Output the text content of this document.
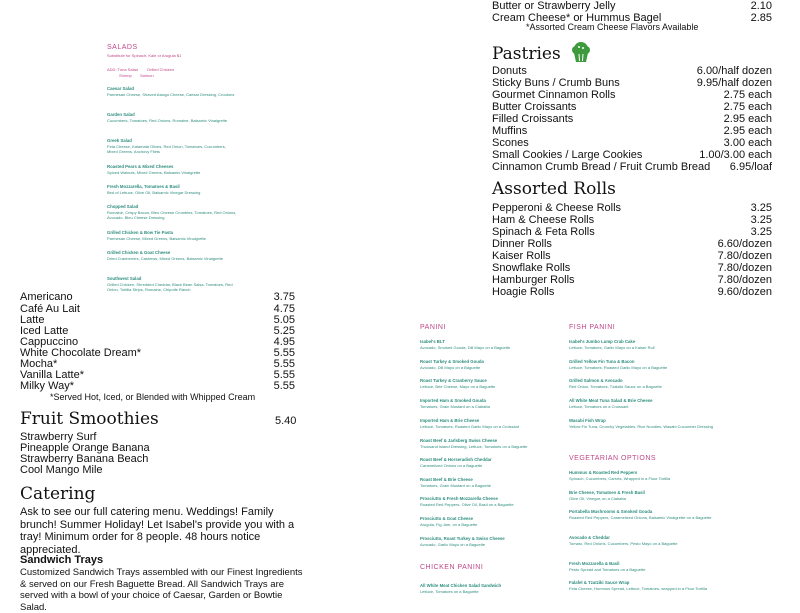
SALADS
Substitute for Spinach, Kale or Arugula $1
ADD: Tuna Salad Grilled Chicken
Shrimp Salmon
Caesar Salad
Parmesan Cheese, Shaved Asiago Cheese, Caesar Dressing, Croutons
Garden Salad
Cucumbers, Tomatoes, Red Onions, Romaine, Balsamic Vinaigrette
Greek Salad
Feta Cheese, Kalamata Olives, Red Onion, Tomatoes, Cucumbers, Mixed Greens, Anchovy Filets
Roasted Pears & Mixed Cheeses
Spiced Walnuts, Mixed Greens, Balsamic Vinaigrette
Fresh Mozzarella, Tomatoes & Basil
Bed of Lettuce, Olive Oil, Balsamic Vinegar Dressing
Chopped Salad
Romaine, Crispy Bacon, Bleu Cheese Crumbles, Tomatoes, Red Onions, Avocado, Bleu Cheese Dressing
Grilled Chicken & Bow Tie Pasta
Parmesan Cheese, Mixed Greens, Balsamic Vinaigrette
Grilled Chicken & Goat Cheese
Dried Cranberries, Cashews, Mixed Greens, Balsamic Vinaigrette
Southwest Salad
Grilled Chicken, Shredded Cheddar, Black Bean Salsa, Tomatoes, Red Onion, Tortilla Strips, Romaine, Chipotle Ranch
Butter or Strawberry Jelly	2.10
Cream Cheese* or Hummus Bagel	2.85
*Assorted Cream Cheese Flavors Available
Pastries
Donuts	6.00/half dozen
Sticky Buns / Crumb Buns	9.95/half dozen
Gourmet Cinnamon Rolls	2.75 each
Butter Croissants	2.75 each
Filled Croissants	2.95 each
Muffins	2.95 each
Scones	3.00 each
Small Cookies / Large Cookies	1.00/3.00 each
Cinnamon Crumb Bread / Fruit Crumb Bread 6.95/loaf
Assorted Rolls
Pepperoni & Cheese Rolls	3.25
Ham & Cheese Rolls	3.25
Spinach & Feta Rolls	3.25
Dinner Rolls	6.60/dozen
Kaiser Rolls	7.80/dozen
Snowflake Rolls	7.80/dozen
Hamburger Rolls	7.80/dozen
Hoagie Rolls	9.60/dozen
Americano	3.75
Café Au Lait	4.75
Latte	5.05
Iced Latte	5.25
Cappuccino	4.95
White Chocolate Dream*	5.55
Mocha*	5.55
Vanilla Latte*	5.55
Milky Way*	5.55
*Served Hot, Iced, or Blended with Whipped Cream
Fruit Smoothies	5.40
Strawberry Surf
Pineapple Orange Banana
Strawberry Banana Beach
Cool Mango Mile
Catering
Ask to see our full catering menu. Weddings! Family brunch! Summer Holiday! Let Isabel's provide you with a tray! Minimum order for 8 people. 48 hours notice appreciated.
Sandwich Trays
Customized Sandwich Trays assembled with our Finest Ingredients & served on our Fresh Baguette Bread. All Sandwich Trays are served with a bowl of your choice of Caesar, Garden or Bowtie Salad.
PANINI
Isabel's BLT
Avocado, Smoked Gouda, Dill Mayo on a Baguette
Roast Turkey & Smoked Gouda
Avocado, Dill Mayo on a Baguette
Roast Turkey & Cranberry Sauce
Lettuce, Brie Cheese, Mayo on a Baguette
Imported Ham & Smoked Gouda
Tomatoes, Grain Mustard on a Ciabatta
Imported Ham & Brie Cheese
Lettuce, Tomatoes, Roasted Garlic Mayo on a Croissant
Roast Beef & Jarlsberg Swiss Cheese
Thousand Island Dressing, Lettuce, Tomatoes on a Baguette
Roast Beef & Horseradish Cheddar
Caramelized Onions on a Baguette
Roast Beef & Brie Cheese
Tomatoes, Grain Mustard on a Baguette
Prosciutto & Fresh Mozzarella Cheese
Roasted Red Peppers, Olive Oil, Basil on a Baguette
Prosciutto & Goat Cheese
Arugula, Fig Jam, on a Baguette
Prosciutto, Roast Turkey & Swiss Cheese
Avocado, Garlic Mayo on a Baguette
CHICKEN PANINI
All White Meat Chicken Salad Sandwich
Lettuce, Tomatoes on a Baguette
FISH PANINI
Isabel's Jumbo Lump Crab Cake
Lettuce, Tomatoes, Garlic Mayo on a Kaiser Roll
Grilled Yellow Fin Tuna & Bacon
Lettuce, Tomatoes, Roasted Garlic Mayo on a Baguette
Grilled Salmon & Avocado
Red Onion, Tomatoes, Tzatziki Sauce on a Baguette
All White Meat Tuna Salad & Brie Cheese
Lettuce, Tomatoes on a Croissant
Wasabi Fish Wrap
Yellow Fin Tuna, Crunchy Vegetables, Rice Noodles, Wasabi Cucumber Dressing
VEGETARIAN OPTIONS
Hummus & Roasted Red Peppers
Spinach, Cucumbers, Carrots, Wrapped in a Flour Tortilla
Brie Cheese, Tomatoes & Fresh Basil
Olive Oil, Vinegar, on a Ciabatta
Portabella Mushrooms & Smoked Gouda
Roasted Red Peppers, Caramelized Onions, Balsamic Vinaigrette on a Baguette
Avocado & Cheddar
Tomato, Red Onions, Cucumbers, Pesto Mayo on a Baguette
Fresh Mozzarella & Basil
Pesto Spread and Tomatoes on a Baguette
Falafel & Tzatziki Sauce Wrap
Feta Cheese, Hummus Spread, Lettuce, Tomatoes, wrapped in a Flour Tortilla
